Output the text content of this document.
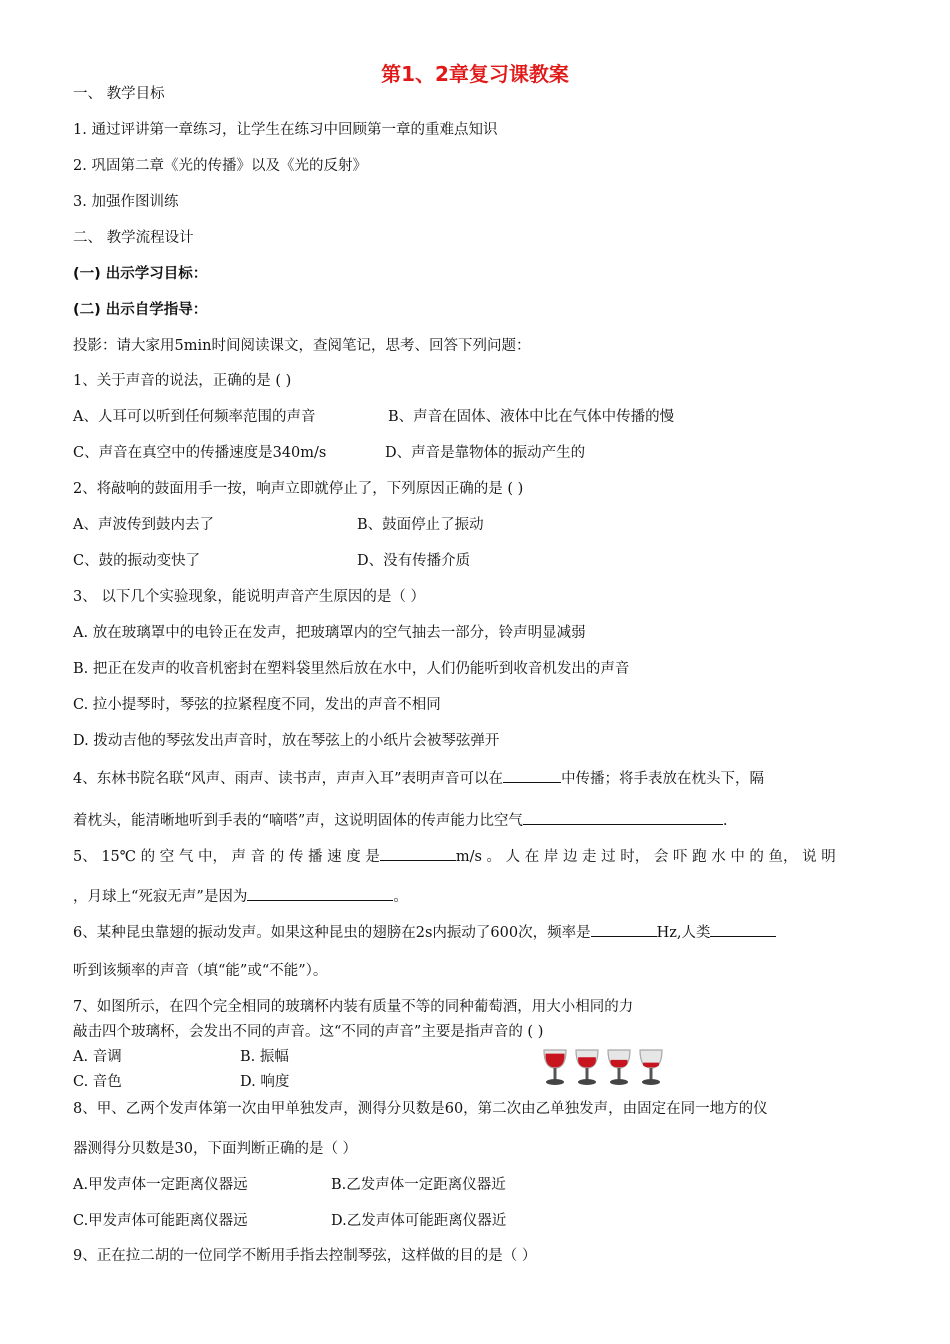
第1、2章复习课教案
一、 教学目标
1. 通过评讲第一章练习，让学生在练习中回顾第一章的重难点知识
2. 巩固第二章《光的传播》以及《光的反射》
3. 加强作图训练
二、 教学流程设计
(一) 出示学习目标：
(二) 出示自学指导：
投影：请大家用5min时间阅读课文，查阅笔记，思考、回答下列问题：
1、关于声音的说法，正确的是 ( )
A、人耳可以听到任何频率范围的声音	B、声音在固体、液体中比在气体中传播的慢
C、声音在真空中的传播速度是340m/s	D、声音是靠物体的振动产生的
2、将敲响的鼓面用手一按，响声立即就停止了，下列原因正确的是 ( )
A、声波传到鼓内去了	B、鼓面停止了振动
C、鼓的振动变快了	D、没有传播介质
3、 以下几个实验现象，能说明声音产生原因的是（ ）
A. 放在玻璃罩中的电铃正在发声，把玻璃罩内的空气抽去一部分，铃声明显减弱
B. 把正在发声的收音机密封在塑料袋里然后放在水中，人们仍能听到收音机发出的声音
C. 拉小提琴时，琴弦的拉紧程度不同，发出的声音不相同
D. 拨动吉他的琴弦发出声音时，放在琴弦上的小纸片会被琴弦弹开
4、东林书院名联“风声、雨声、读书声，声声入耳”表明声音可以在	中传播；将手表放在枕头下，隔
着枕头，能清晰地听到手表的“嘀嗒”声，这说明固体的传声能力比空气	.
5、 15℃ 的 空 气 中， 声 音 的 传 播 速 度 是	m/s 。 人 在 岸 边 走 过 时， 会 吓 跑 水 中 的 鱼， 说 明
，月球上“死寂无声”是因为	。
6、某种昆虫靠翅的振动发声。如果这种昆虫的翅膀在2s内振动了600次，频率是	Hz,人类
听到该频率的声音（填“能”或“不能”）。
7、如图所示，在四个完全相同的玻璃杯内装有质量不等的同种葡萄酒，用大小相同的力
敲击四个玻璃杯，会发出不同的声音。这“不同的声音”主要是指声音的 ( )
A. 音调	B. 振幅
C. 音色	D. 响度
8、甲、乙两个发声体第一次由甲单独发声，测得分贝数是60，第二次由乙单独发声，由固定在同一地方的仪
器测得分贝数是30，下面判断正确的是（ ）
A.甲发声体一定距离仪器远	B.乙发声体一定距离仪器近
C.甲发声体可能距离仪器远	D.乙发声体可能距离仪器近
9、正在拉二胡的一位同学不断用手指去控制琴弦，这样做的目的是（ ）
